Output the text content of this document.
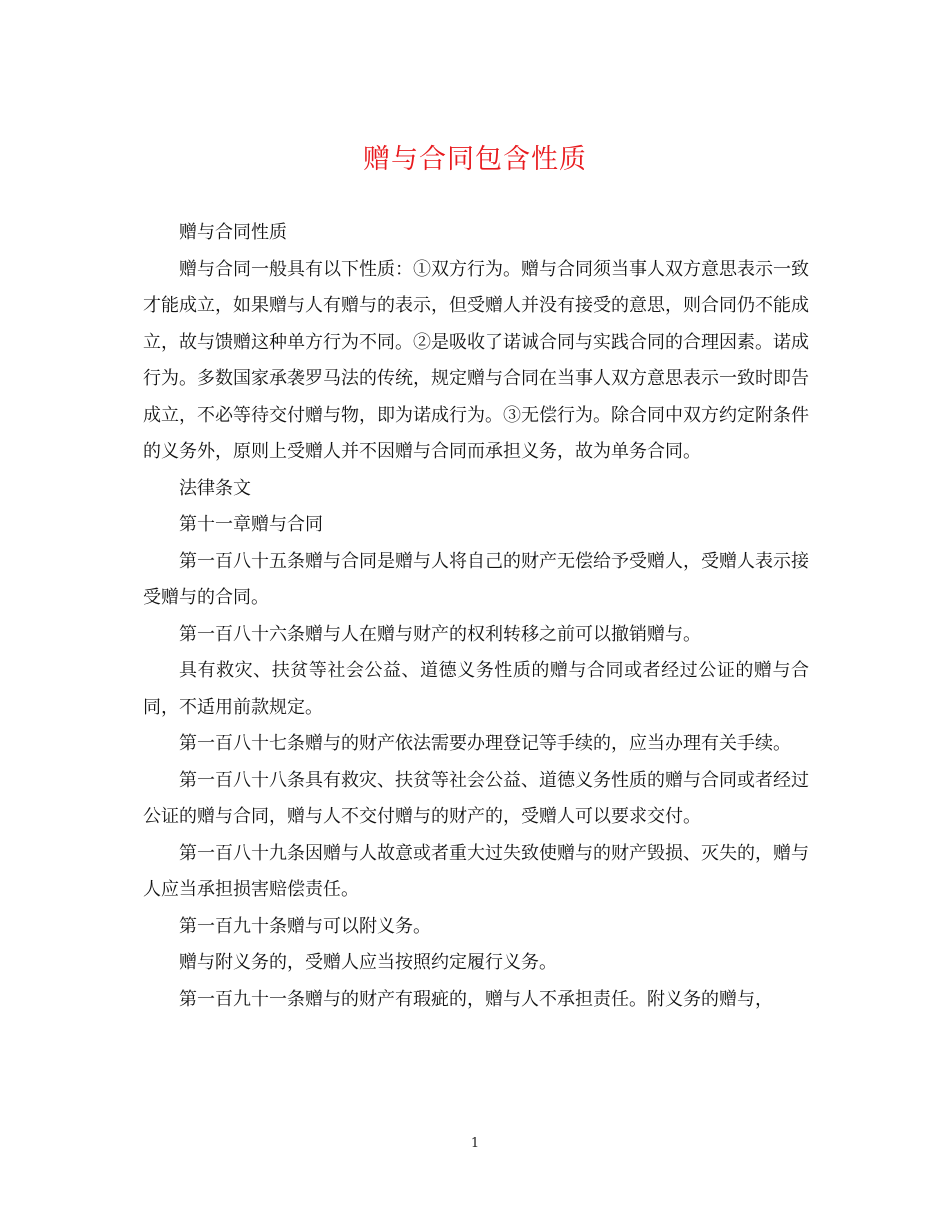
赠与合同包含性质

赠与合同性质

赠与合同一般具有以下性质：①双方行为。赠与合同须当事人双方意思表示一致才能成立，如果赠与人有赠与的表示，但受赠人并没有接受的意思，则合同仍不能成立，故与馈赠这种单方行为不同。②是吸收了诺诚合同与实践合同的合理因素。诺成行为。多数国家承袭罗马法的传统，规定赠与合同在当事人双方意思表示一致时即告成立，不必等待交付赠与物，即为诺成行为。③无偿行为。除合同中双方约定附条件的义务外，原则上受赠人并不因赠与合同而承担义务，故为单务合同。

法律条文

第十一章赠与合同

第一百八十五条赠与合同是赠与人将自己的财产无偿给予受赠人，受赠人表示接受赠与的合同。

第一百八十六条赠与人在赠与财产的权利转移之前可以撤销赠与。

具有救灾、扶贫等社会公益、道德义务性质的赠与合同或者经过公证的赠与合同，不适用前款规定。

第一百八十七条赠与的财产依法需要办理登记等手续的，应当办理有关手续。

第一百八十八条具有救灾、扶贫等社会公益、道德义务性质的赠与合同或者经过公证的赠与合同，赠与人不交付赠与的财产的，受赠人可以要求交付。

第一百八十九条因赠与人故意或者重大过失致使赠与的财产毁损、灭失的，赠与人应当承担损害赔偿责任。

第一百九十条赠与可以附义务。

赠与附义务的，受赠人应当按照约定履行义务。

第一百九十一条赠与的财产有瑕疵的，赠与人不承担责任。附义务的赠与，

1
